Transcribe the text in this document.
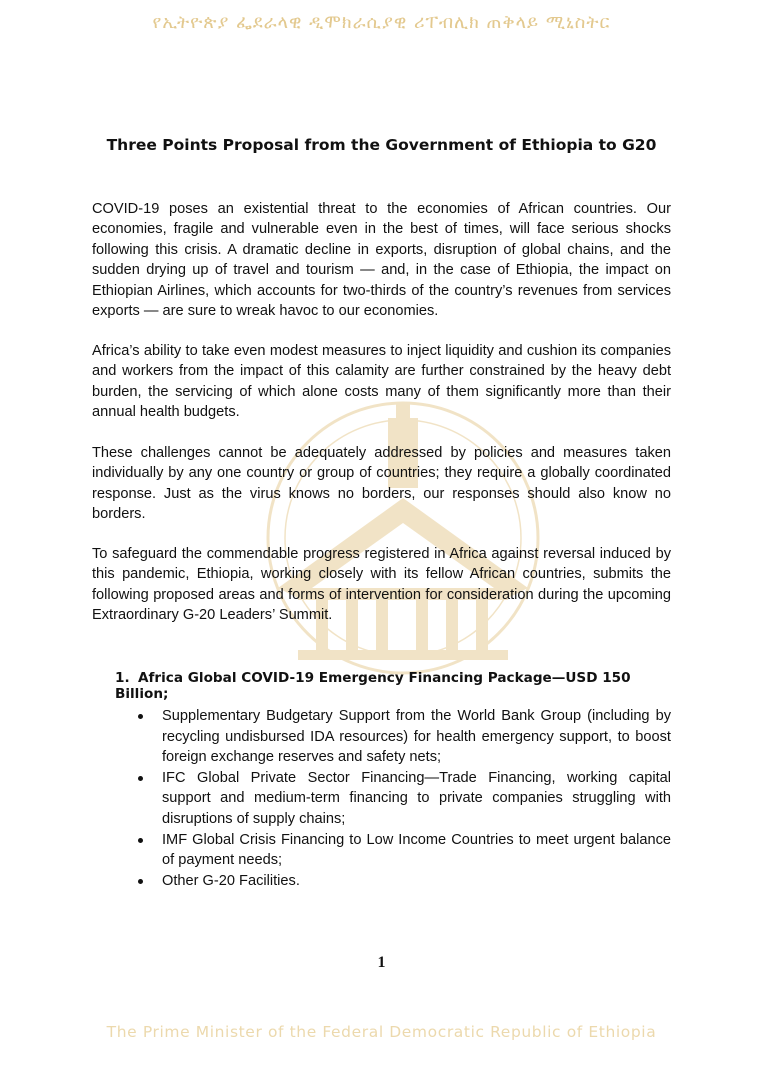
የኢትዮጵያ ፌደራላዊ ዲሞክራሲያዊ ሪፐብሊክ ጠቅላይ ሚኒስትር
Three Points Proposal from the Government of Ethiopia to G20

COVID-19 poses an existential threat to the economies of African countries. Our economies, fragile and vulnerable even in the best of times, will face serious shocks following this crisis. A dramatic decline in exports, disruption of global chains, and the sudden drying up of travel and tourism — and, in the case of Ethiopia, the impact on Ethiopian Airlines, which accounts for two-thirds of the country’s revenues from services exports — are sure to wreak havoc to our economies.

Africa’s ability to take even modest measures to inject liquidity and cushion its companies and workers from the impact of this calamity are further constrained by the heavy debt burden, the servicing of which alone costs many of them significantly more than their annual health budgets.

These challenges cannot be adequately addressed by policies and measures taken individually by any one country or group of countries; they require a globally coordinated response. Just as the virus knows no borders, our responses should also know no borders.

To safeguard the commendable progress registered in Africa against reversal induced by this pandemic, Ethiopia, working closely with its fellow African countries, submits the following proposed areas and forms of intervention for consideration during the upcoming Extraordinary G-20 Leaders’ Summit.

1. Africa Global COVID-19 Emergency Financing Package—USD 150 Billion;
Supplementary Budgetary Support from the World Bank Group (including by recycling undisbursed IDA resources) for health emergency support, to boost foreign exchange reserves and safety nets;
IFC Global Private Sector Financing—Trade Financing, working capital support and medium-term financing to private companies struggling with disruptions of supply chains;
IMF Global Crisis Financing to Low Income Countries to meet urgent balance of payment needs;
Other G-20 Facilities.
1
The Prime Minister of the Federal Democratic Republic of Ethiopia
